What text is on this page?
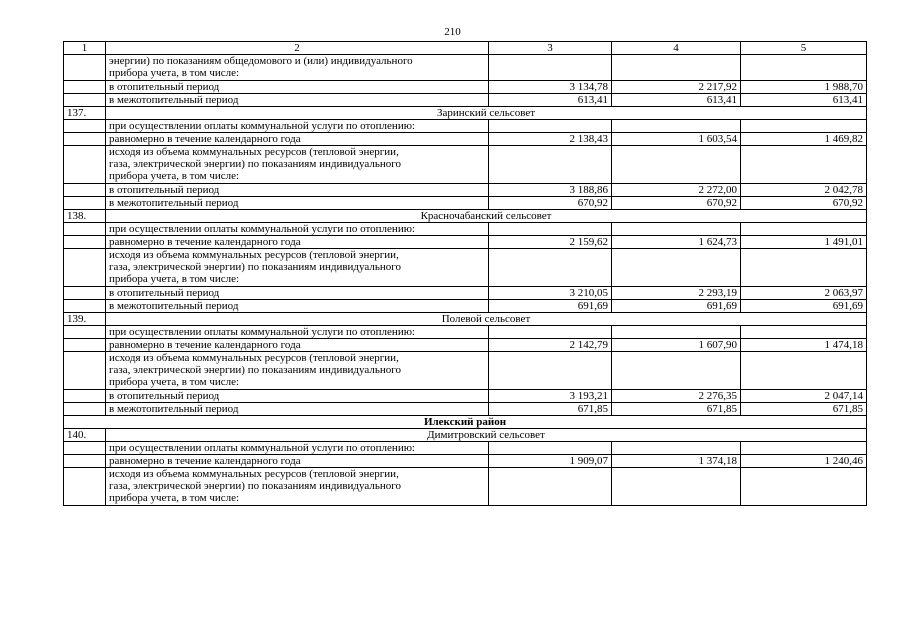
210
1	2	3	4	5

	энергии) по показаниям общедомового и (или) индивидуального
прибора учета, в том числе:			

	в отопительный период	3 134,78	2 217,92	1 988,70

	в межотопительный период	613,41	613,41	613,41
137.	Заринский сельсовет			

	при осуществлении оплаты коммунальной услуги по отоплению:			

	равномерно в течение календарного года	2 138,43	1 603,54	1 469,82

	исходя из объема коммунальных ресурсов (тепловой энергии,
газа, электрической энергии) по показаниям индивидуального
прибора учета, в том числе:			

	в отопительный период	3 188,86	2 272,00	2 042,78

	в межотопительный период	670,92	670,92	670,92
138.	Красночабанский сельсовет			

	при осуществлении оплаты коммунальной услуги по отоплению:			

	равномерно в течение календарного года	2 159,62	1 624,73	1 491,01

	исходя из объема коммунальных ресурсов (тепловой энергии,
газа, электрической энергии) по показаниям индивидуального
прибора учета, в том числе:			

	в отопительный период	3 210,05	2 293,19	2 063,97

	в межотопительный период	691,69	691,69	691,69
139.	Полевой сельсовет			

	при осуществлении оплаты коммунальной услуги по отоплению:			

	равномерно в течение календарного года	2 142,79	1 607,90	1 474,18

	исходя из объема коммунальных ресурсов (тепловой энергии,
газа, электрической энергии) по показаниям индивидуального
прибора учета, в том числе:			

	в отопительный период	3 193,21	2 276,35	2 047,14

	в межотопительный период	671,85	671,85	671,85
Илекский район				
140.	Димитровский сельсовет			

	при осуществлении оплаты коммунальной услуги по отоплению:			

	равномерно в течение календарного года	1 909,07	1 374,18	1 240,46

	исходя из объема коммунальных ресурсов (тепловой энергии,
газа, электрической энергии) по показаниям индивидуального
прибора учета, в том числе:			
